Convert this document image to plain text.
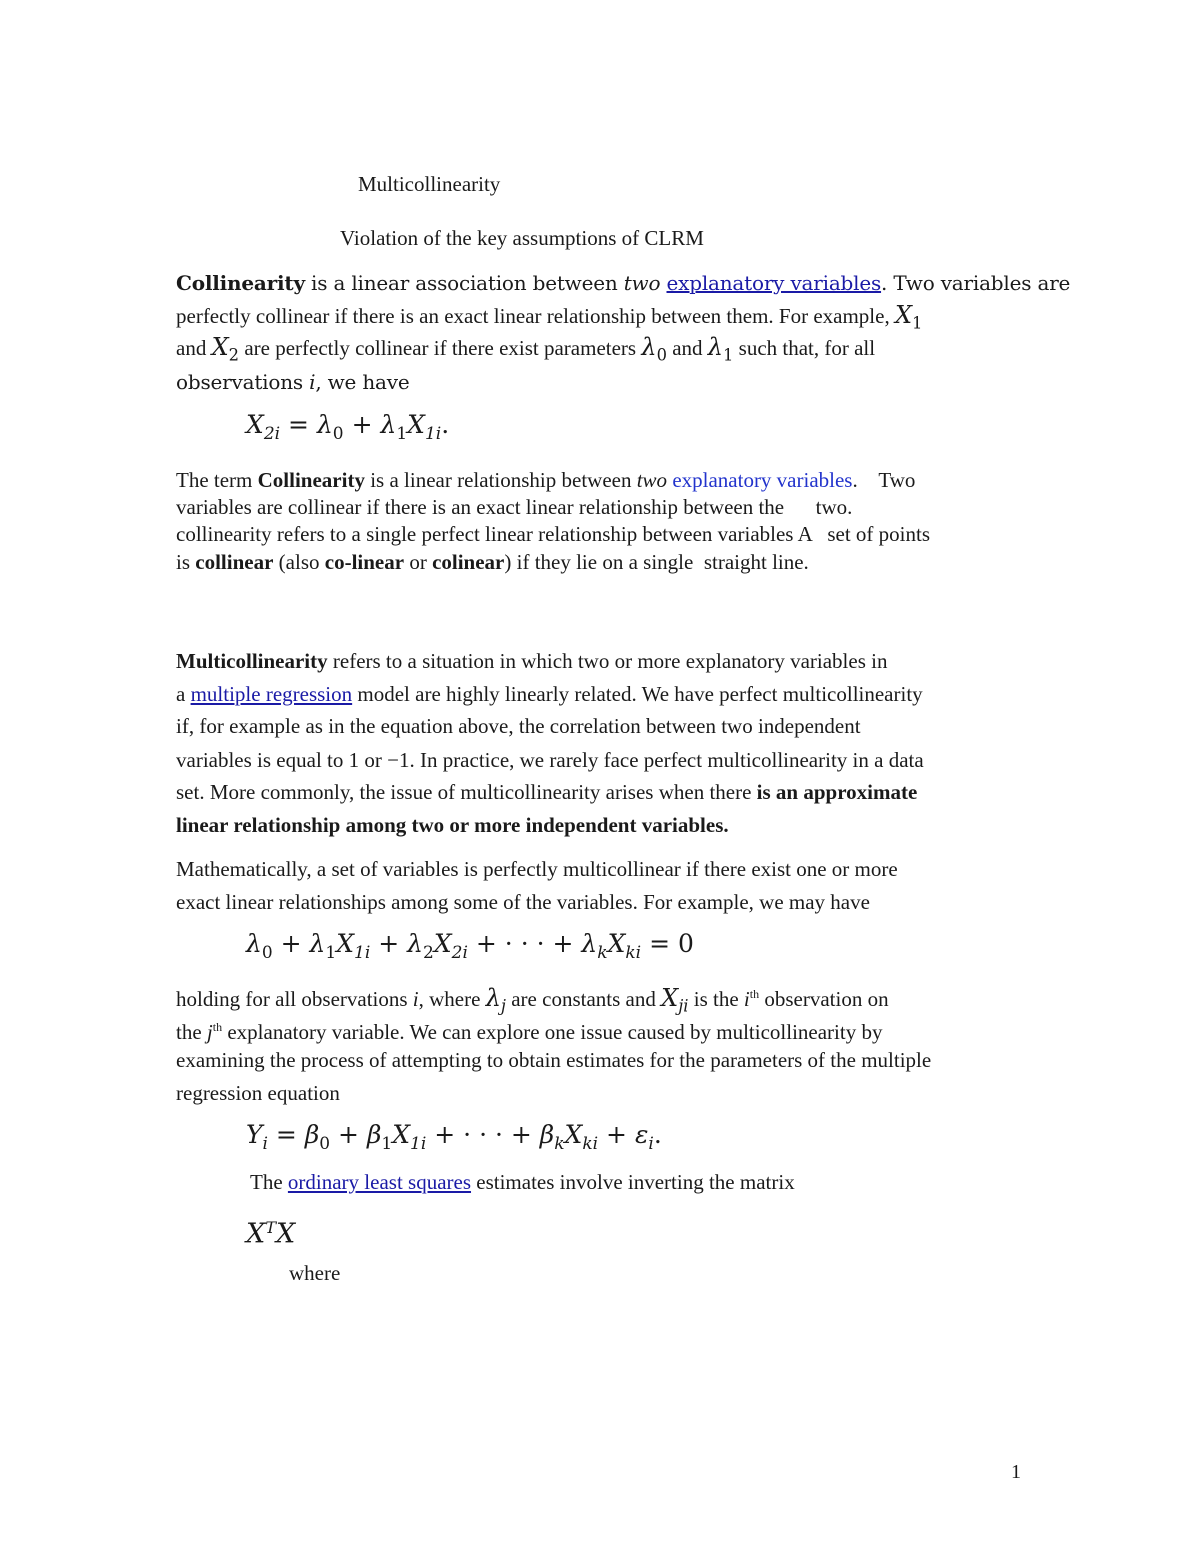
Multicollinearity
Violation of the key assumptions of CLRM
Collinearity is a linear association between two explanatory variables. Two variables are
perfectly collinear if there is an exact linear relationship between them. For example, $X_1$
and $X_2$ are perfectly collinear if there exist parameters $\lambda_0$ and $\lambda_1$ such that, for all
observations i, we have
$X_{2i} = \lambda_0 + \lambda_1X_{1i}$.
The term Collinearity is a linear relationship between two explanatory variables.    Two
variables are collinear if there is an exact linear relationship between the      two.
collinearity refers to a single perfect linear relationship between variables A   set of points
is collinear (also co-linear or colinear) if they lie on a single  straight line.
Multicollinearity refers to a situation in which two or more explanatory variables in
a multiple regression model are highly linearly related. We have perfect multicollinearity
if, for example as in the equation above, the correlation between two independent
variables is equal to 1 or −1. In practice, we rarely face perfect multicollinearity in a data
set. More commonly, the issue of multicollinearity arises when there is an approximate
linear relationship among two or more independent variables.
Mathematically, a set of variables is perfectly multicollinear if there exist one or more
exact linear relationships among some of the variables. For example, we may have
$\lambda_0 + \lambda_1X_{1i} + \lambda_2X_{2i}$ + · · · + $\lambda_kX_{ki} = 0$
holding for all observations i, where $\lambda_j$ are constants and $X_{ji}$ is the $i^{th}$ observation on
the $j^{th}$ explanatory variable. We can explore one issue caused by multicollinearity by
examining the process of attempting to obtain estimates for the parameters of the multiple
regression equation
$Y_i = \beta_0 + \beta_1X_{1i}$ + · · · + $\beta_kX_{ki} + \varepsilon_i$.
The ordinary least squares estimates involve inverting the matrix
$X^TX$
where
1
